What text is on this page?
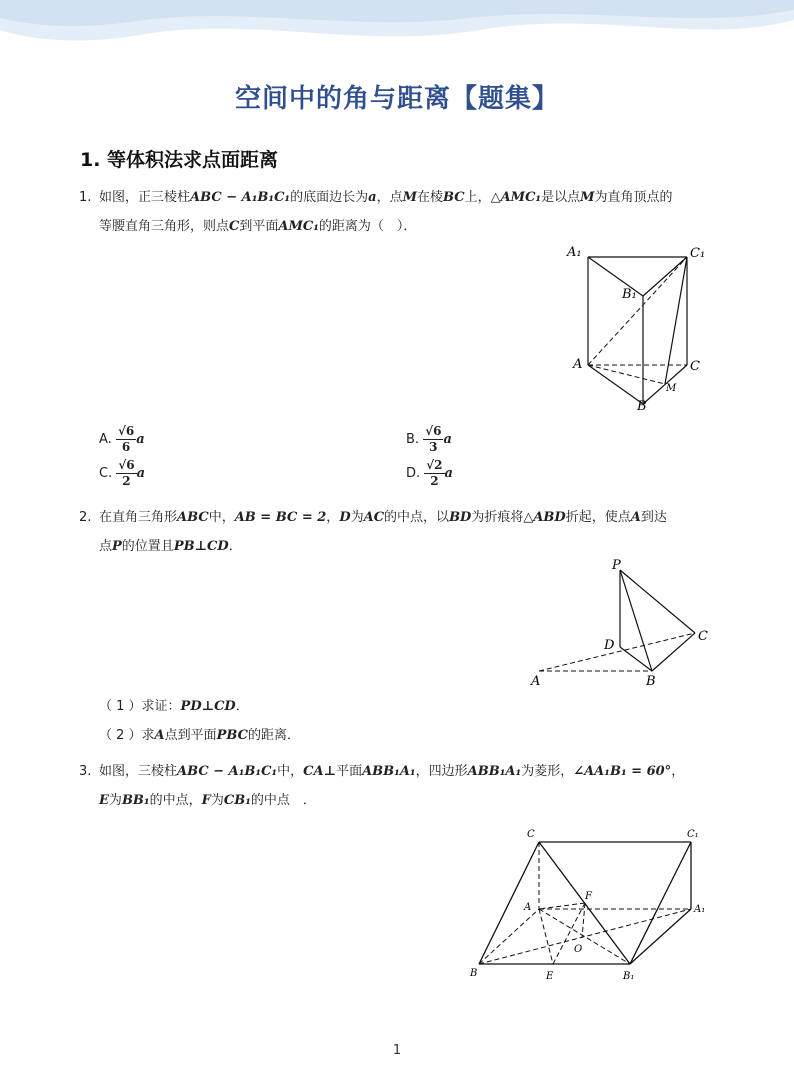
空间中的角与距离【题集】
1. 等体积法求点面距离
1. 如图，正三棱柱ABC − A₁B₁C₁的底面边长为a，点M在棱BC上，△AMC₁是以点M为直角顶点的
等腰直角三角形，则点C到平面AMC₁的距离为（　）．
A₁	C₁
B₁
A	C
M
B
A. $\frac{√6}{6}$ a	B. $\frac{√6}{3}$ a
C. $\frac{√6}{2}$ a	D. $\frac{√2}{2}$ a
2. 在直角三角形ABC中，AB = BC = 2，D为AC的中点，以BD为折痕将△ABD折起，使点A到达
点P的位置且PB⊥CD．
P
D
C
A	B
（ 1 ）求证：PD⊥CD．
（ 2 ）求A点到平面PBC的距离．
3. 如图，三棱柱ABC − A₁B₁C₁中，CA⊥平面ABB₁A₁，四边形ABB₁A₁为菱形，∠AA₁B₁ = 60°，
E为BB₁的中点，F为CB₁的中点　．
C	C₁
A
F
A₁
O
B	E	B₁
1
